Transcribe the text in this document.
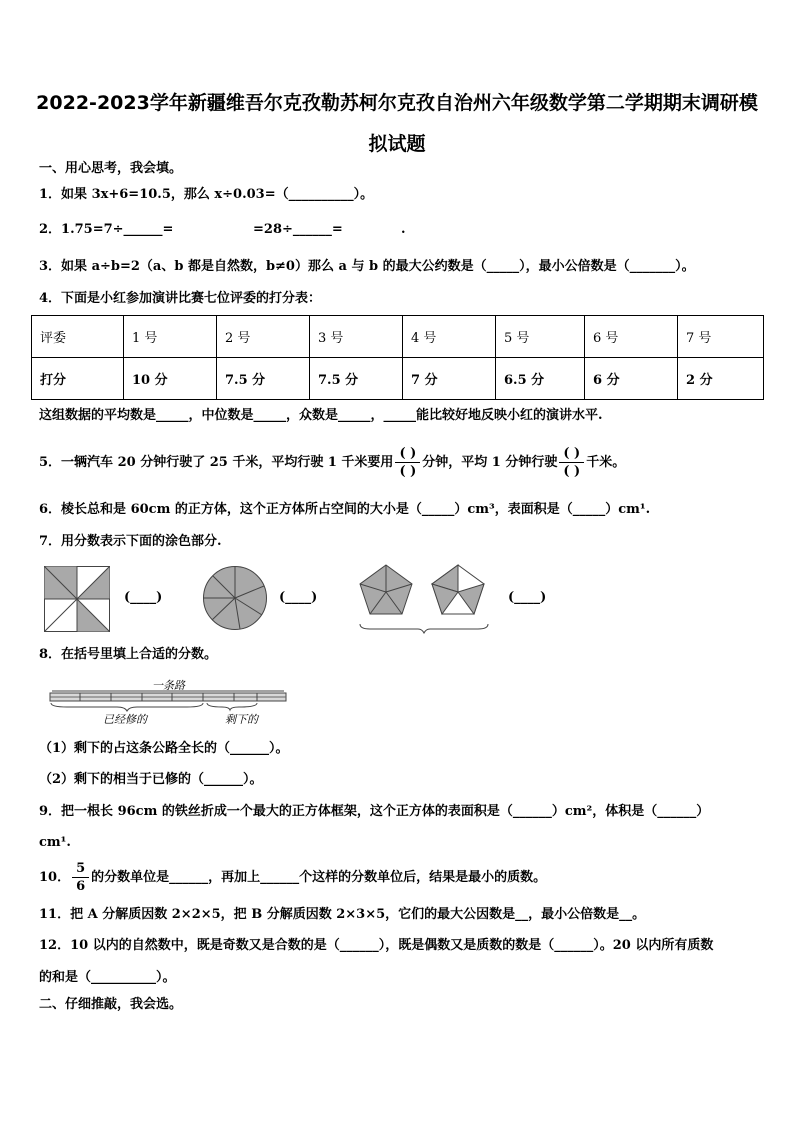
2022-2023学年新疆维吾尔克孜勒苏柯尔克孜自治州六年级数学第二学期期末调研模
拟试题
一、用心思考，我会填。
1．如果 3x+6=10.5，那么 x÷0.03=（__________）。
2．1.75=7÷______=	=28÷______=	.
3．如果 a÷b=2（a、b 都是自然数，b≠0）那么 a 与 b 的最大公约数是（_____），最小公倍数是（_______）。
4．下面是小红参加演讲比赛七位评委的打分表：
评委	1 号	2 号	3 号	4 号	5 号	6 号	7 号
打分	10 分	7.5 分	7.5 分	7 分	6.5 分	6 分	2 分
这组数据的平均数是_____，中位数是_____，众数是_____，_____能比较好地反映小红的演讲水平.
5．一辆汽车 20 分钟行驶了 25 千米，平均行驶 1 千米要用 $\frac{( )}{( )}$ 分钟，平均 1 分钟行驶 $\frac{( )}{( )}$ 千米。
6．棱长总和是 60cm 的正方体，这个正方体所占空间的大小是（_____）cm³，表面积是（_____）cm¹.
7．用分数表示下面的涂色部分.
(____)	(____)	(____)
8．在括号里填上合适的分数。
一条路
已经修的	剩下的
（1）剩下的占这条公路全长的（______）。
（2）剩下的相当于已修的（______）。
9．把一根长 96cm 的铁丝折成一个最大的正方体框架，这个正方体的表面积是（______）cm²，体积是（______）
cm¹.
10． $\frac{5}{6}$ 的分数单位是______，再加上______个这样的分数单位后，结果是最小的质数。
11．把 A 分解质因数 2×2×5，把 B 分解质因数 2×3×5，它们的最大公因数是__，最小公倍数是__。
12．10 以内的自然数中，既是奇数又是合数的是（______），既是偶数又是质数的数是（______）。20 以内所有质数
的和是（__________）。
二、仔细推敲，我会选。
